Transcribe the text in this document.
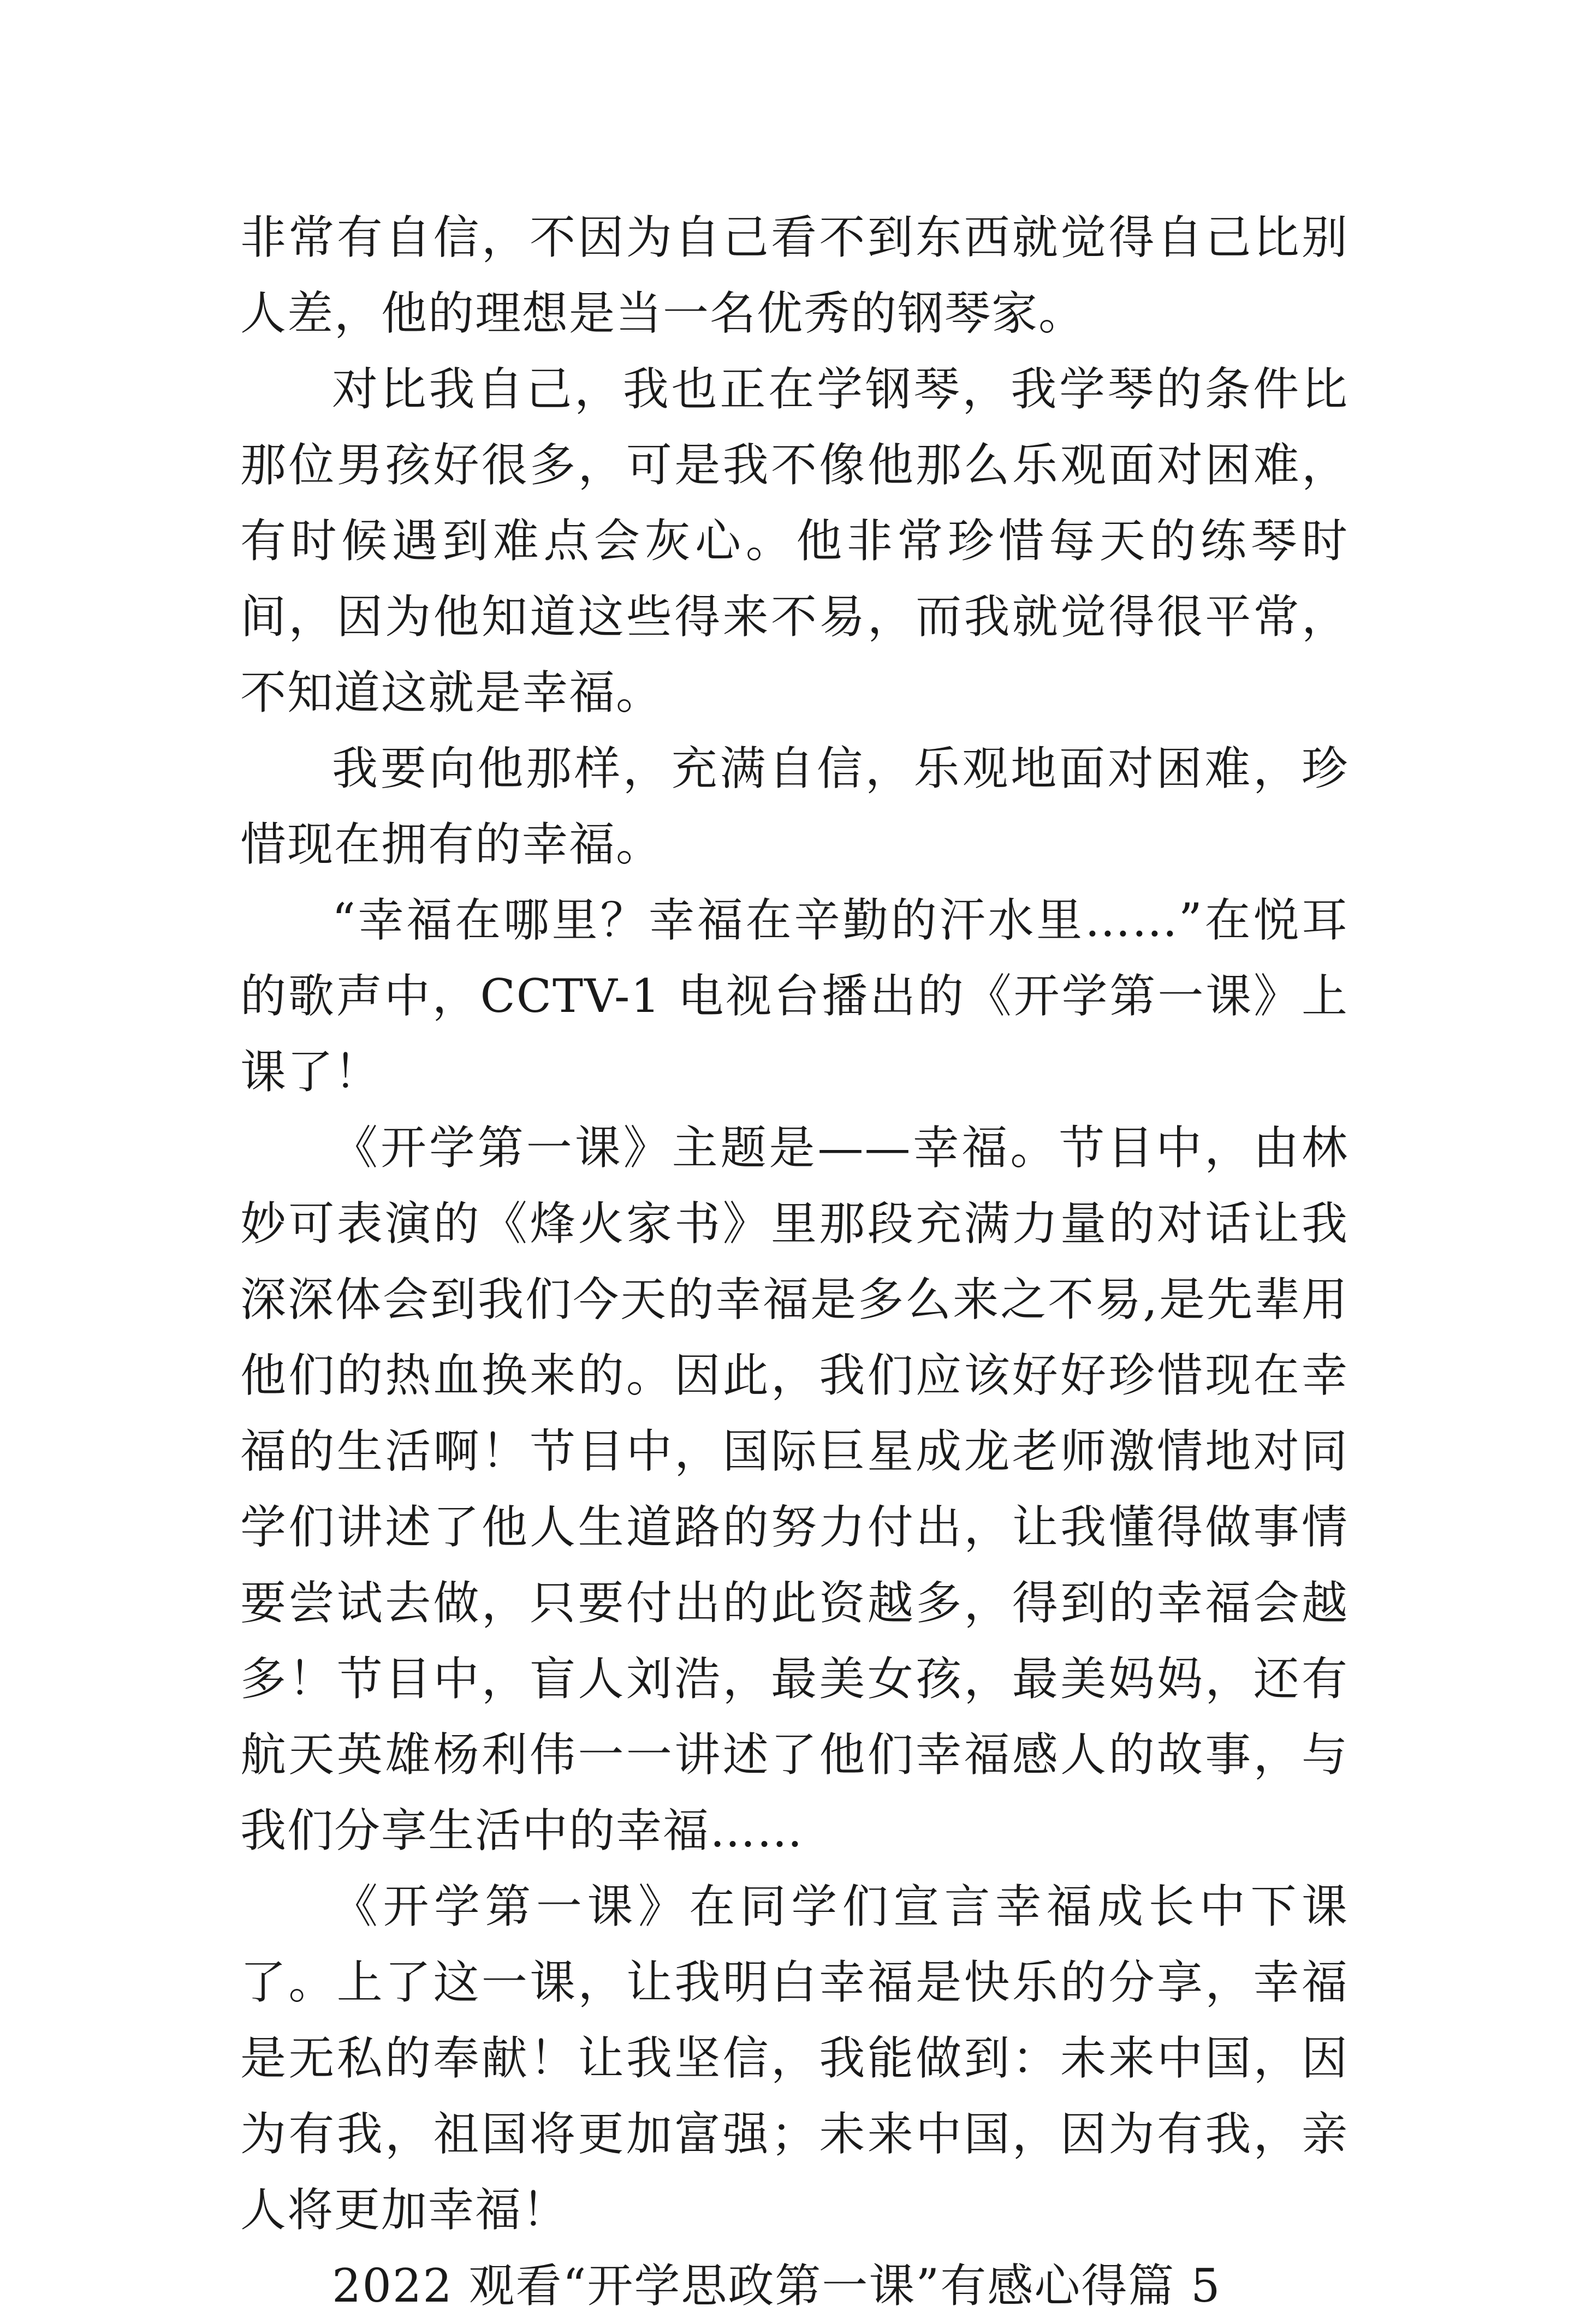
非常有自信，不因为自己看不到东西就觉得自己比别人差，他的理想是当一名优秀的钢琴家。

对比我自己，我也正在学钢琴，我学琴的条件比那位男孩好很多，可是我不像他那么乐观面对困难，有时候遇到难点会灰心。他非常珍惜每天的练琴时间，因为他知道这些得来不易，而我就觉得很平常，不知道这就是幸福。

我要向他那样，充满自信，乐观地面对困难，珍惜现在拥有的幸福。

“幸福在哪里？幸福在辛勤的汗水里……”在悦耳的歌声中，CCTV-1 电视台播出的《开学第一课》上课了！

《开学第一课》主题是——幸福。节目中，由林妙可表演的《烽火家书》里那段充满力量的对话让我深深体会到我们今天的幸福是多么来之不易,是先辈用他们的热血换来的。因此，我们应该好好珍惜现在幸福的生活啊！节目中，国际巨星成龙老师激情地对同学们讲述了他人生道路的努力付出，让我懂得做事情要尝试去做，只要付出的此资越多，得到的幸福会越多！节目中，盲人刘浩，最美女孩，最美妈妈，还有航天英雄杨利伟一一讲述了他们幸福感人的故事，与我们分享生活中的幸福……

《开学第一课》在同学们宣言幸福成长中下课了。上了这一课，让我明白幸福是快乐的分享，幸福是无私的奉献！让我坚信，我能做到：未来中国，因为有我，祖国将更加富强；未来中国，因为有我，亲人将更加幸福！

2022 观看“开学思政第一课”有感心得篇 5
